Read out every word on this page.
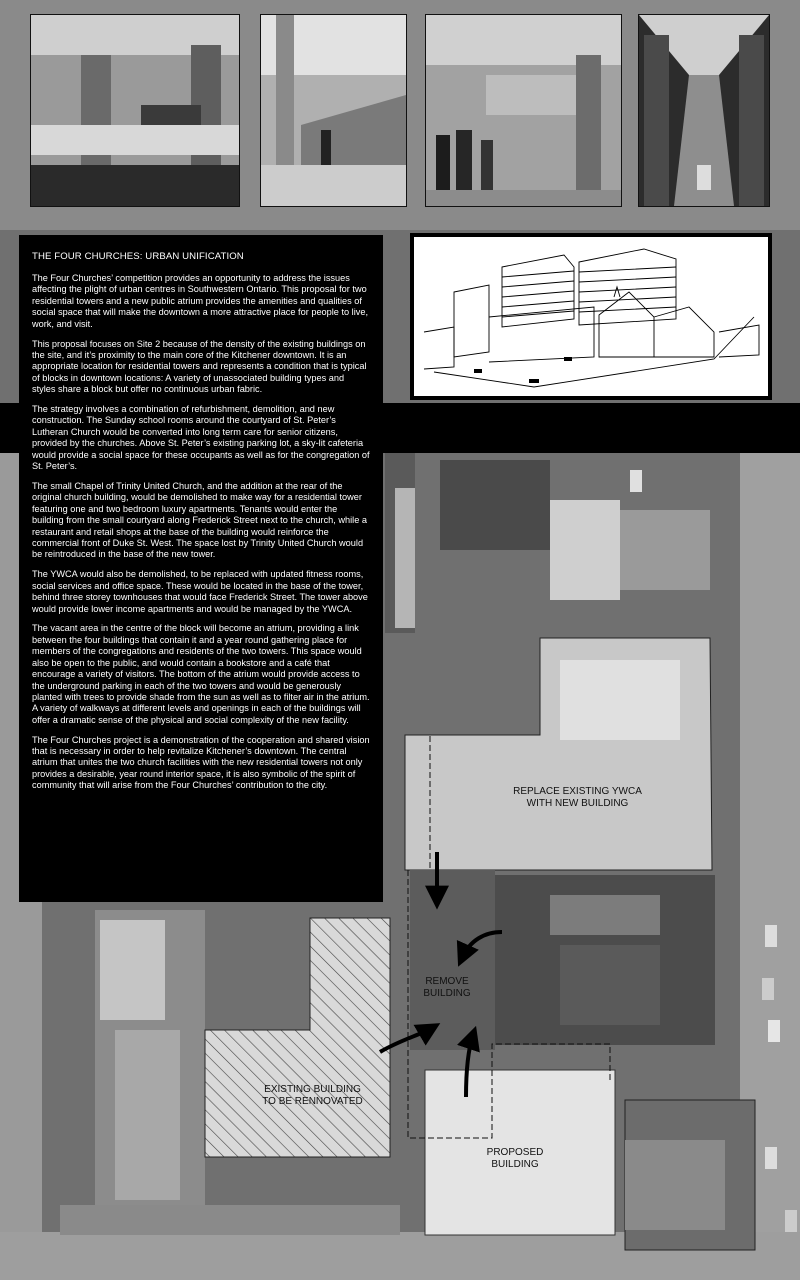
THE FOUR CHURCHES: URBAN UNIFICATION

The Four Churches’ competition provides an opportunity to address the issues affecting the plight of urban centres in Southwestern Ontario. This proposal for two residential towers and a new public atrium provides the amenities and qualities of social space that will make the downtown a more attractive place for people to live, work, and visit.

This proposal focuses on Site 2 because of the density of the existing buildings on the site, and it’s proximity to the main core of the Kitchener downtown. It is an appropriate location for residential towers and represents a condition that is typical of blocks in downtown locations: A variety of unassociated building types and styles share a block but offer no continuous urban fabric.

The strategy involves a combination of refurbishment, demolition, and new construction. The Sunday school rooms around the courtyard of St. Peter’s Lutheran Church would be converted into long term care for senior citizens, provided by the churches. Above St. Peter’s existing parking lot, a sky-lit cafeteria would provide a social space for these occupants as well as for the congregation of St. Peter’s.

The small Chapel of Trinity United Church, and the addition at the rear of the original church building, would be demolished to make way for a residential tower featuring one and two bedroom luxury apartments. Tenants would enter the building from the small courtyard along Frederick Street next to the church, while a restaurant and retail shops at the base of the building would reinforce the commercial front of Duke St. West. The space lost by Trinity United Church would be reintroduced in the base of the new tower.

The YWCA would also be demolished, to be replaced with updated fitness rooms, social services and office space. These would be located in the base of the tower, behind three storey townhouses that would face Frederick Street. The tower above would provide lower income apartments and would be managed by the YWCA.

The vacant area in the centre of the block will become an atrium, providing a link between the four buildings that contain it and a year round gathering place for members of the congregations and residents of the two towers. This space would also be open to the public, and would contain a bookstore and a café that encourage a variety of visitors. The bottom of the atrium would provide access to the underground parking in each of the two towers and would be generously planted with trees to provide shade from the sun as well as to filter air in the atrium. A variety of walkways at different levels and openings in each of the buildings will offer a dramatic sense of the physical and social complexity of the new facility.

The Four Churches project is a demonstration of the cooperation and shared vision that is necessary in order to help revitalize Kitchener’s downtown. The central atrium that unites the two church facilities with the new residential towers not only provides a desirable, year round interior space, it is also symbolic of the spirit of community that will arise from the Four Churches’ contribution to the city.

REPLACE EXISTING YWCA
WITH NEW BUILDING
REMOVE
BUILDING
EXISTING BUILDING
TO BE RENNOVATED
PROPOSED
BUILDING
